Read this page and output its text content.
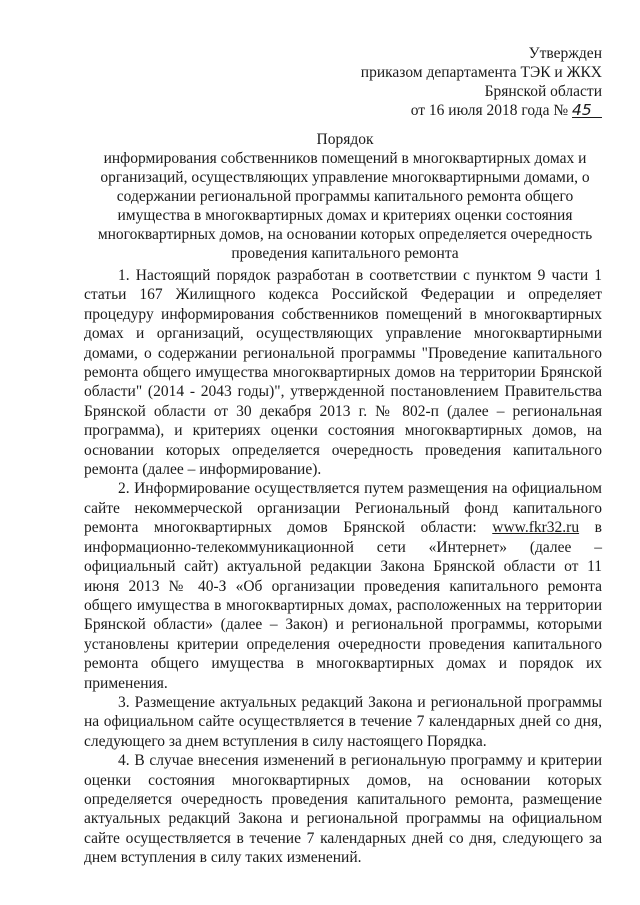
Утвержден
приказом департамента ТЭК и ЖКХ
Брянской области
от 16 июля 2018 года № 45
Порядок
информирования собственников помещений в многоквартирных домах и организаций, осуществляющих управление многоквартирными домами, о содержании региональной программы капитального ремонта общего имущества в многоквартирных домах и критериях оценки состояния многоквартирных домов, на основании которых определяется очередность проведения капитального ремонта

1. Настоящий порядок разработан в соответствии с пунктом 9 части 1 статьи 167 Жилищного кодекса Российской Федерации и определяет процедуру информирования собственников помещений в многоквартирных домах и организаций, осуществляющих управление многоквартирными домами, о содержании региональной программы "Проведение капитального ремонта общего имущества многоквартирных домов на территории Брянской области" (2014 - 2043 годы)", утвержденной постановлением Правительства Брянской области от 30 декабря 2013 г. № 802-п (далее – региональная программа), и критериях оценки состояния многоквартирных домов, на основании которых определяется очередность проведения капитального ремонта (далее – информирование).

2. Информирование осуществляется путем размещения на официальном сайте некоммерческой организации Региональный фонд капитального ремонта многоквартирных домов Брянской области: www.fkr32.ru в информационно-телекоммуникационной сети «Интернет» (далее – официальный сайт) актуальной редакции Закона Брянской области от 11 июня 2013 № 40-З «Об организации проведения капитального ремонта общего имущества в многоквартирных домах, расположенных на территории Брянской области» (далее – Закон) и региональной программы, которыми установлены критерии определения очередности проведения капитального ремонта общего имущества в многоквартирных домах и порядок их применения.

3. Размещение актуальных редакций Закона и региональной программы на официальном сайте осуществляется в течение 7 календарных дней со дня, следующего за днем вступления в силу настоящего Порядка.

4. В случае внесения изменений в региональную программу и критерии оценки состояния многоквартирных домов, на основании которых определяется очередность проведения капитального ремонта, размещение актуальных редакций Закона и региональной программы на официальном сайте осуществляется в течение 7 календарных дней со дня, следующего за днем вступления в силу таких изменений.
